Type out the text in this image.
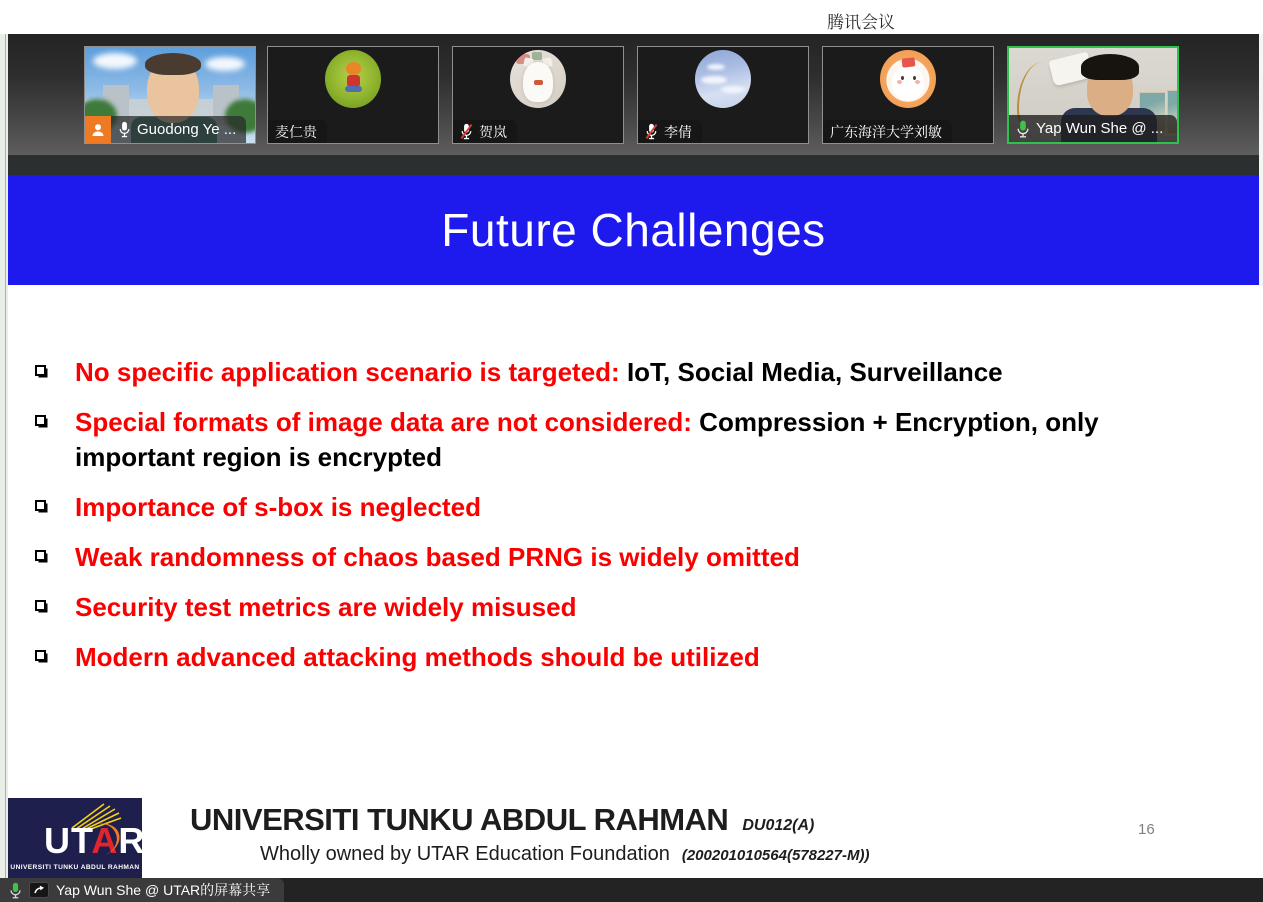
腾讯会议
Guodong Ye ...	麦仁贵	贺岚	李倩	广东海洋大学刘敏	Yap Wun She @ ...
Future Challenges
No specific application scenario is targeted: IoT, Social Media, Surveillance
Special formats of image data are not considered: Compression + Encryption, only important region is encrypted
Importance of s-box is neglected
Weak randomness of chaos based PRNG is widely omitted
Security test metrics are widely misused
Modern advanced attacking methods should be utilized
UTAR
UNIVERSITI TUNKU ABDUL RAHMAN
UNIVERSITI TUNKU ABDUL RAHMAN DU012(A)
Wholly owned by UTAR Education Foundation (200201010564(578227-M))
16
Yap Wun She @ UTAR的屏幕共享
